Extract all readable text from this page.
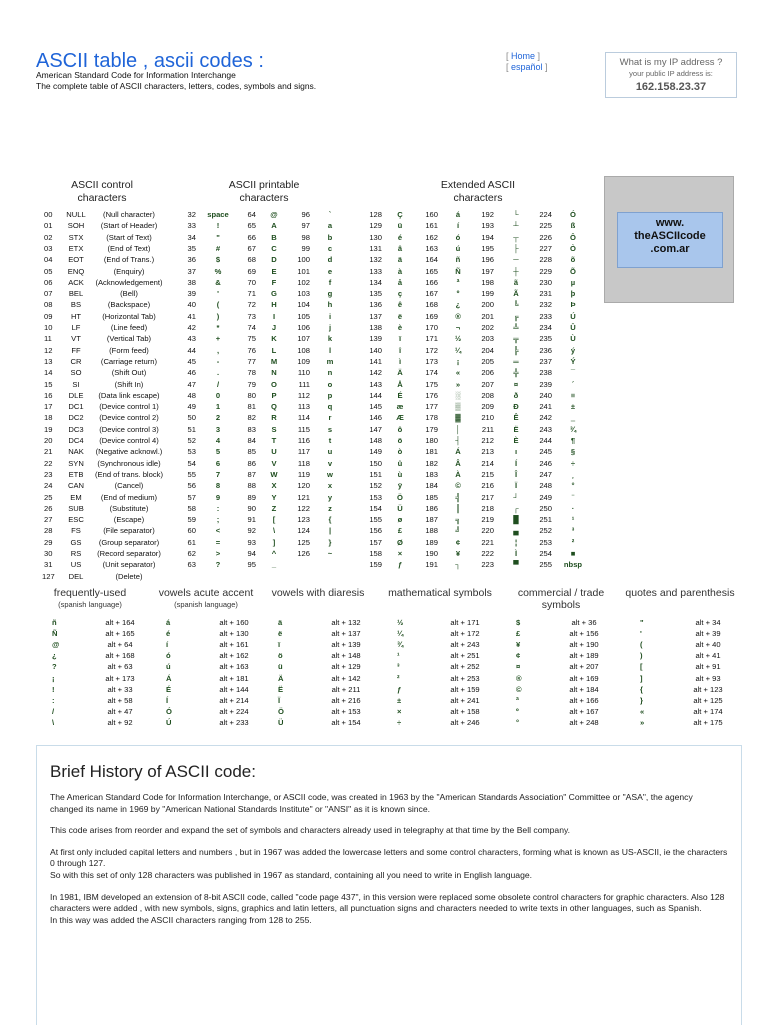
ASCII table , ascii codes :
American Standard Code for Information Interchange
The complete table of ASCII characters, letters, codes, symbols and signs.
[ Home ]
[ español ]	What is my IP address ?
your public IP address is:
162.158.23.37
ASCII control characters
ASCII printable characters
Extended ASCII characters
www.
theASCIIcode
.com.ar
00	NULL	(Null character)	32	space	64	@	96	`	128	Ç	160	á	192	└	224	Ó
01	SOH	(Start of Header)	33	!	65	A	97	a	129	ü	161	í	193	┴	225	ß
02	STX	(Start of Text)	34	"	66	B	98	b	130	é	162	ó	194	┬	226	Ô
03	ETX	(End of Text)	35	#	67	C	99	c	131	â	163	ú	195	├	227	Ò
04	EOT	(End of Trans.)	36	$	68	D	100	d	132	ä	164	ñ	196	─	228	õ
05	ENQ	(Enquiry)	37	%	69	E	101	e	133	à	165	Ñ	197	┼	229	Õ
06	ACK	(Acknowledgement)	38	&	70	F	102	f	134	å	166	ª	198	ã	230	µ
07	BEL	(Bell)	39	'	71	G	103	g	135	ç	167	º	199	Ã	231	þ
08	BS	(Backspace)	40	(	72	H	104	h	136	ê	168	¿	200	╚	232	Þ
09	HT	(Horizontal Tab)	41	)	73	I	105	i	137	ë	169	®	201	╔	233	Ú
10	LF	(Line feed)	42	*	74	J	106	j	138	è	170	¬	202	╩	234	Û
11	VT	(Vertical Tab)	43	+	75	K	107	k	139	ï	171	½	203	╦	235	Ù
12	FF	(Form feed)	44	,	76	L	108	l	140	î	172	¼	204	╠	236	ý
13	CR	(Carriage return)	45	-	77	M	109	m	141	ì	173	¡	205	═	237	Ý
14	SO	(Shift Out)	46	.	78	N	110	n	142	Ä	174	«	206	╬	238	¯
15	SI	(Shift In)	47	/	79	O	111	o	143	Å	175	»	207	¤	239	´
16	DLE	(Data link escape)	48	0	80	P	112	p	144	É	176	░	208	ð	240	≡
17	DC1	(Device control 1)	49	1	81	Q	113	q	145	æ	177	▒	209	Ð	241	±
18	DC2	(Device control 2)	50	2	82	R	114	r	146	Æ	178	▓	210	Ê	242	‗
19	DC3	(Device control 3)	51	3	83	S	115	s	147	ô	179	│	211	Ë	243	¾
20	DC4	(Device control 4)	52	4	84	T	116	t	148	ö	180	┤	212	È	244	¶
21	NAK	(Negative acknowl.)	53	5	85	U	117	u	149	ò	181	Á	213	ı	245	§
22	SYN	(Synchronous idle)	54	6	86	V	118	v	150	û	182	Â	214	Í	246	÷
23	ETB	(End of trans. block)	55	7	87	W	119	w	151	ù	183	À	215	Î	247	¸
24	CAN	(Cancel)	56	8	88	X	120	x	152	ÿ	184	©	216	Ï	248	°
25	EM	(End of medium)	57	9	89	Y	121	y	153	Ö	185	╣	217	┘	249	¨
26	SUB	(Substitute)	58	:	90	Z	122	z	154	Ü	186	║	218	┌	250	·
27	ESC	(Escape)	59	;	91	[	123	{	155	ø	187	╗	219	█	251	¹
28	FS	(File separator)	60	<	92	\	124	|	156	£	188	╝	220	▄	252	³
29	GS	(Group separator)	61	=	93	]	125	}	157	Ø	189	¢	221	¦	253	²
30	RS	(Record separator)	62	>	94	^	126	~	158	×	190	¥	222	Ì	254	■
31	US	(Unit separator)	63	?	95	_	159	ƒ	191	┐	223	▀	255	nbsp
127	DEL	(Delete)
frequently-used
(spanish language)
ñ	alt + 164
Ñ	alt + 165
@	alt + 64
¿	alt + 168
?	alt + 63
¡	alt + 173
!	alt + 33
:	alt + 58
/	alt + 47
\	alt + 92
vowels acute accent
(spanish language)
á	alt + 160
é	alt + 130
í	alt + 161
ó	alt + 162
ú	alt + 163
Á	alt + 181
É	alt + 144
Í	alt + 214
Ó	alt + 224
Ú	alt + 233
vowels with diaresis
ä	alt + 132
ë	alt + 137
ï	alt + 139
ö	alt + 148
ü	alt + 129
Ä	alt + 142
Ë	alt + 211
Ï	alt + 216
Ö	alt + 153
Ü	alt + 154
mathematical symbols
½	alt + 171
¼	alt + 172
¾	alt + 243
¹	alt + 251
³	alt + 252
²	alt + 253
ƒ	alt + 159
±	alt + 241
×	alt + 158
÷	alt + 246
commercial / trade symbols
$	alt + 36
£	alt + 156
¥	alt + 190
¢	alt + 189
¤	alt + 207
®	alt + 169
©	alt + 184
ª	alt + 166
º	alt + 167
°	alt + 248
quotes and parenthesis
"	alt + 34
'	alt + 39
(	alt + 40
)	alt + 41
[	alt + 91
]	alt + 93
{	alt + 123
}	alt + 125
«	alt + 174
»	alt + 175
Brief History of ASCII code:

The American Standard Code for Information Interchange, or ASCII code, was created in 1963 by the "American Standards Association" Committee or "ASA", the agency changed its name in 1969 by "American National Standards Institute" or "ANSI" as it is known since.

This code arises from reorder and expand the set of symbols and characters already used in telegraphy at that time by the Bell company.

At first only included capital letters and numbers , but in 1967 was added the lowercase letters and some control characters, forming what is known as US-ASCII, ie the characters 0 through 127.
So with this set of only 128 characters was published in 1967 as standard, containing all you need to write in English language.

In 1981, IBM developed an extension of 8-bit ASCII code, called "code page 437", in this version were replaced some obsolete control characters for graphic characters. Also 128 characters were added , with new symbols, signs, graphics and latin letters, all punctuation signs and characters needed to write texts in other languages, such as Spanish.
In this way was added the ASCII characters ranging from 128 to 255.
